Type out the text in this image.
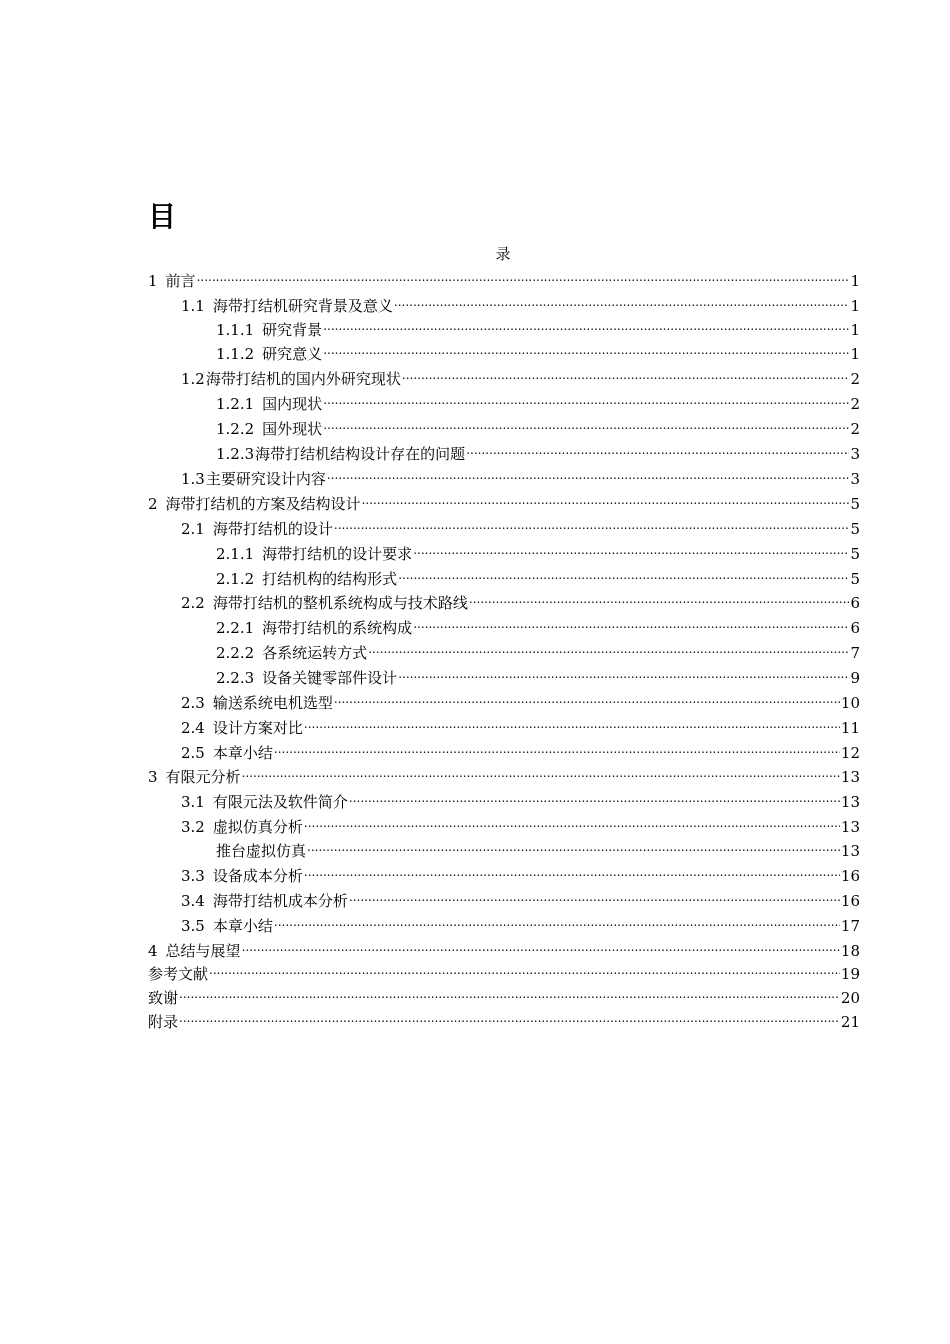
目
录
1 前言 .....	1
1.1 海带打结机研究背景及意义 .....	1
1.1.1 研究背景 .....	1
1.1.2 研究意义 .....	1
1.2 海带打结机的国内外研究现状 .....	2
1.2.1 国内现状 .....	2
1.2.2 国外现状 .....	2
1.2.3 海带打结机结构设计存在的问题 .....	3
1.3 主要研究设计内容 .....	3
2 海带打结机的方案及结构设计 .....	5
2.1 海带打结机的设计 .....	5
2.1.1 海带打结机的设计要求 .....	5
2.1.2 打结机构的结构形式 .....	5
2.2 海带打结机的整机系统构成与技术路线 .....	6
2.2.1 海带打结机的系统构成 .....	6
2.2.2 各系统运转方式 .....	7
2.2.3 设备关键零部件设计 .....	9
2.3 输送系统电机选型 .....	10
2.4 设计方案对比 .....	11
2.5 本章小结 .....	12
3 有限元分析 .....	13
3.1 有限元法及软件简介 .....	13
3.2 虚拟仿真分析 .....	13
推台虚拟仿真 .....	13
3.3 设备成本分析 .....	16
3.4 海带打结机成本分析 .....	16
3.5 本章小结 .....	17
4 总结与展望 .....	18
参考文献 .....	19
致谢 .....	20
附录 .....	21
